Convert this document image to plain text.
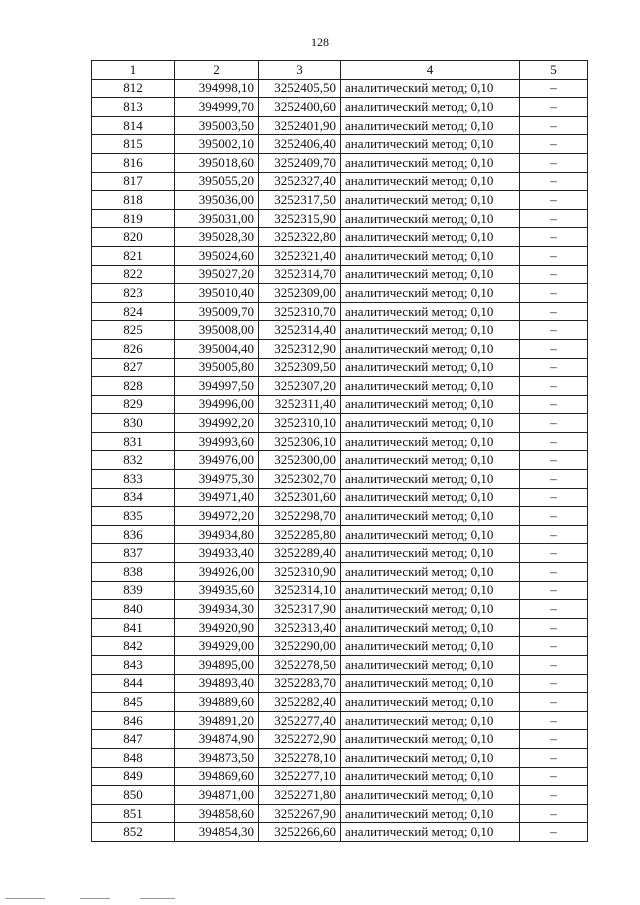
128
1	2	3	4	5
812	394998,10	3252405,50	аналитический метод; 0,10	–
813	394999,70	3252400,60	аналитический метод; 0,10	–
814	395003,50	3252401,90	аналитический метод; 0,10	–
815	395002,10	3252406,40	аналитический метод; 0,10	–
816	395018,60	3252409,70	аналитический метод; 0,10	–
817	395055,20	3252327,40	аналитический метод; 0,10	–
818	395036,00	3252317,50	аналитический метод; 0,10	–
819	395031,00	3252315,90	аналитический метод; 0,10	–
820	395028,30	3252322,80	аналитический метод; 0,10	–
821	395024,60	3252321,40	аналитический метод; 0,10	–
822	395027,20	3252314,70	аналитический метод; 0,10	–
823	395010,40	3252309,00	аналитический метод; 0,10	–
824	395009,70	3252310,70	аналитический метод; 0,10	–
825	395008,00	3252314,40	аналитический метод; 0,10	–
826	395004,40	3252312,90	аналитический метод; 0,10	–
827	395005,80	3252309,50	аналитический метод; 0,10	–
828	394997,50	3252307,20	аналитический метод; 0,10	–
829	394996,00	3252311,40	аналитический метод; 0,10	–
830	394992,20	3252310,10	аналитический метод; 0,10	–
831	394993,60	3252306,10	аналитический метод; 0,10	–
832	394976,00	3252300,00	аналитический метод; 0,10	–
833	394975,30	3252302,70	аналитический метод; 0,10	–
834	394971,40	3252301,60	аналитический метод; 0,10	–
835	394972,20	3252298,70	аналитический метод; 0,10	–
836	394934,80	3252285,80	аналитический метод; 0,10	–
837	394933,40	3252289,40	аналитический метод; 0,10	–
838	394926,00	3252310,90	аналитический метод; 0,10	–
839	394935,60	3252314,10	аналитический метод; 0,10	–
840	394934,30	3252317,90	аналитический метод; 0,10	–
841	394920,90	3252313,40	аналитический метод; 0,10	–
842	394929,00	3252290,00	аналитический метод; 0,10	–
843	394895,00	3252278,50	аналитический метод; 0,10	–
844	394893,40	3252283,70	аналитический метод; 0,10	–
845	394889,60	3252282,40	аналитический метод; 0,10	–
846	394891,20	3252277,40	аналитический метод; 0,10	–
847	394874,90	3252272,90	аналитический метод; 0,10	–
848	394873,50	3252278,10	аналитический метод; 0,10	–
849	394869,60	3252277,10	аналитический метод; 0,10	–
850	394871,00	3252271,80	аналитический метод; 0,10	–
851	394858,60	3252267,90	аналитический метод; 0,10	–
852	394854,30	3252266,60	аналитический метод; 0,10	–
